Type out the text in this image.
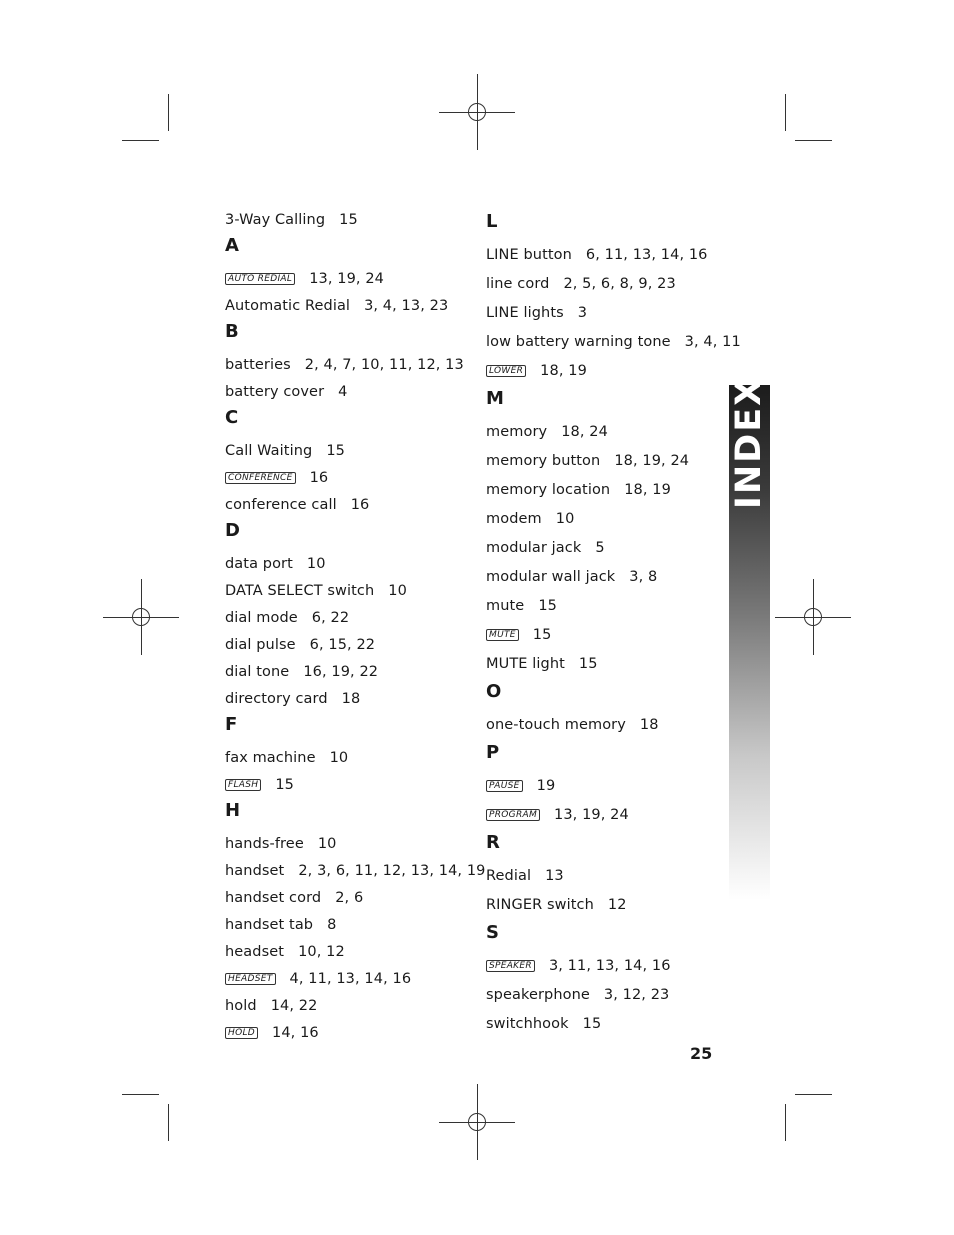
3-Way Calling 15
A
AUTO REDIAL 13, 19, 24
Automatic Redial 3, 4, 13, 23
B
batteries 2, 4, 7, 10, 11, 12, 13
battery cover 4
C
Call Waiting 15
CONFERENCE 16
conference call 16
D
data port 10
DATA SELECT switch 10
dial mode 6, 22
dial pulse 6, 15, 22
dial tone 16, 19, 22
directory card 18
F
fax machine 10
FLASH 15
H
hands-free 10
handset 2, 3, 6, 11, 12, 13, 14, 19
handset cord 2, 6
handset tab 8
headset 10, 12
HEADSET 4, 11, 13, 14, 16
hold 14, 22
HOLD 14, 16
L
LINE button 6, 11, 13, 14, 16
line cord 2, 5, 6, 8, 9, 23
LINE lights 3
low battery warning tone 3, 4, 11
LOWER 18, 19
M
memory 18, 24
memory button 18, 19, 24
memory location 18, 19
modem 10
modular jack 5
modular wall jack 3, 8
mute 15
MUTE 15
MUTE light 15
O
one-touch memory 18
P
PAUSE 19
PROGRAM 13, 19, 24
R
Redial 13
RINGER switch 12
S
SPEAKER 3, 11, 13, 14, 16
speakerphone 3, 12, 23
switchhook 15
INDEX
25
